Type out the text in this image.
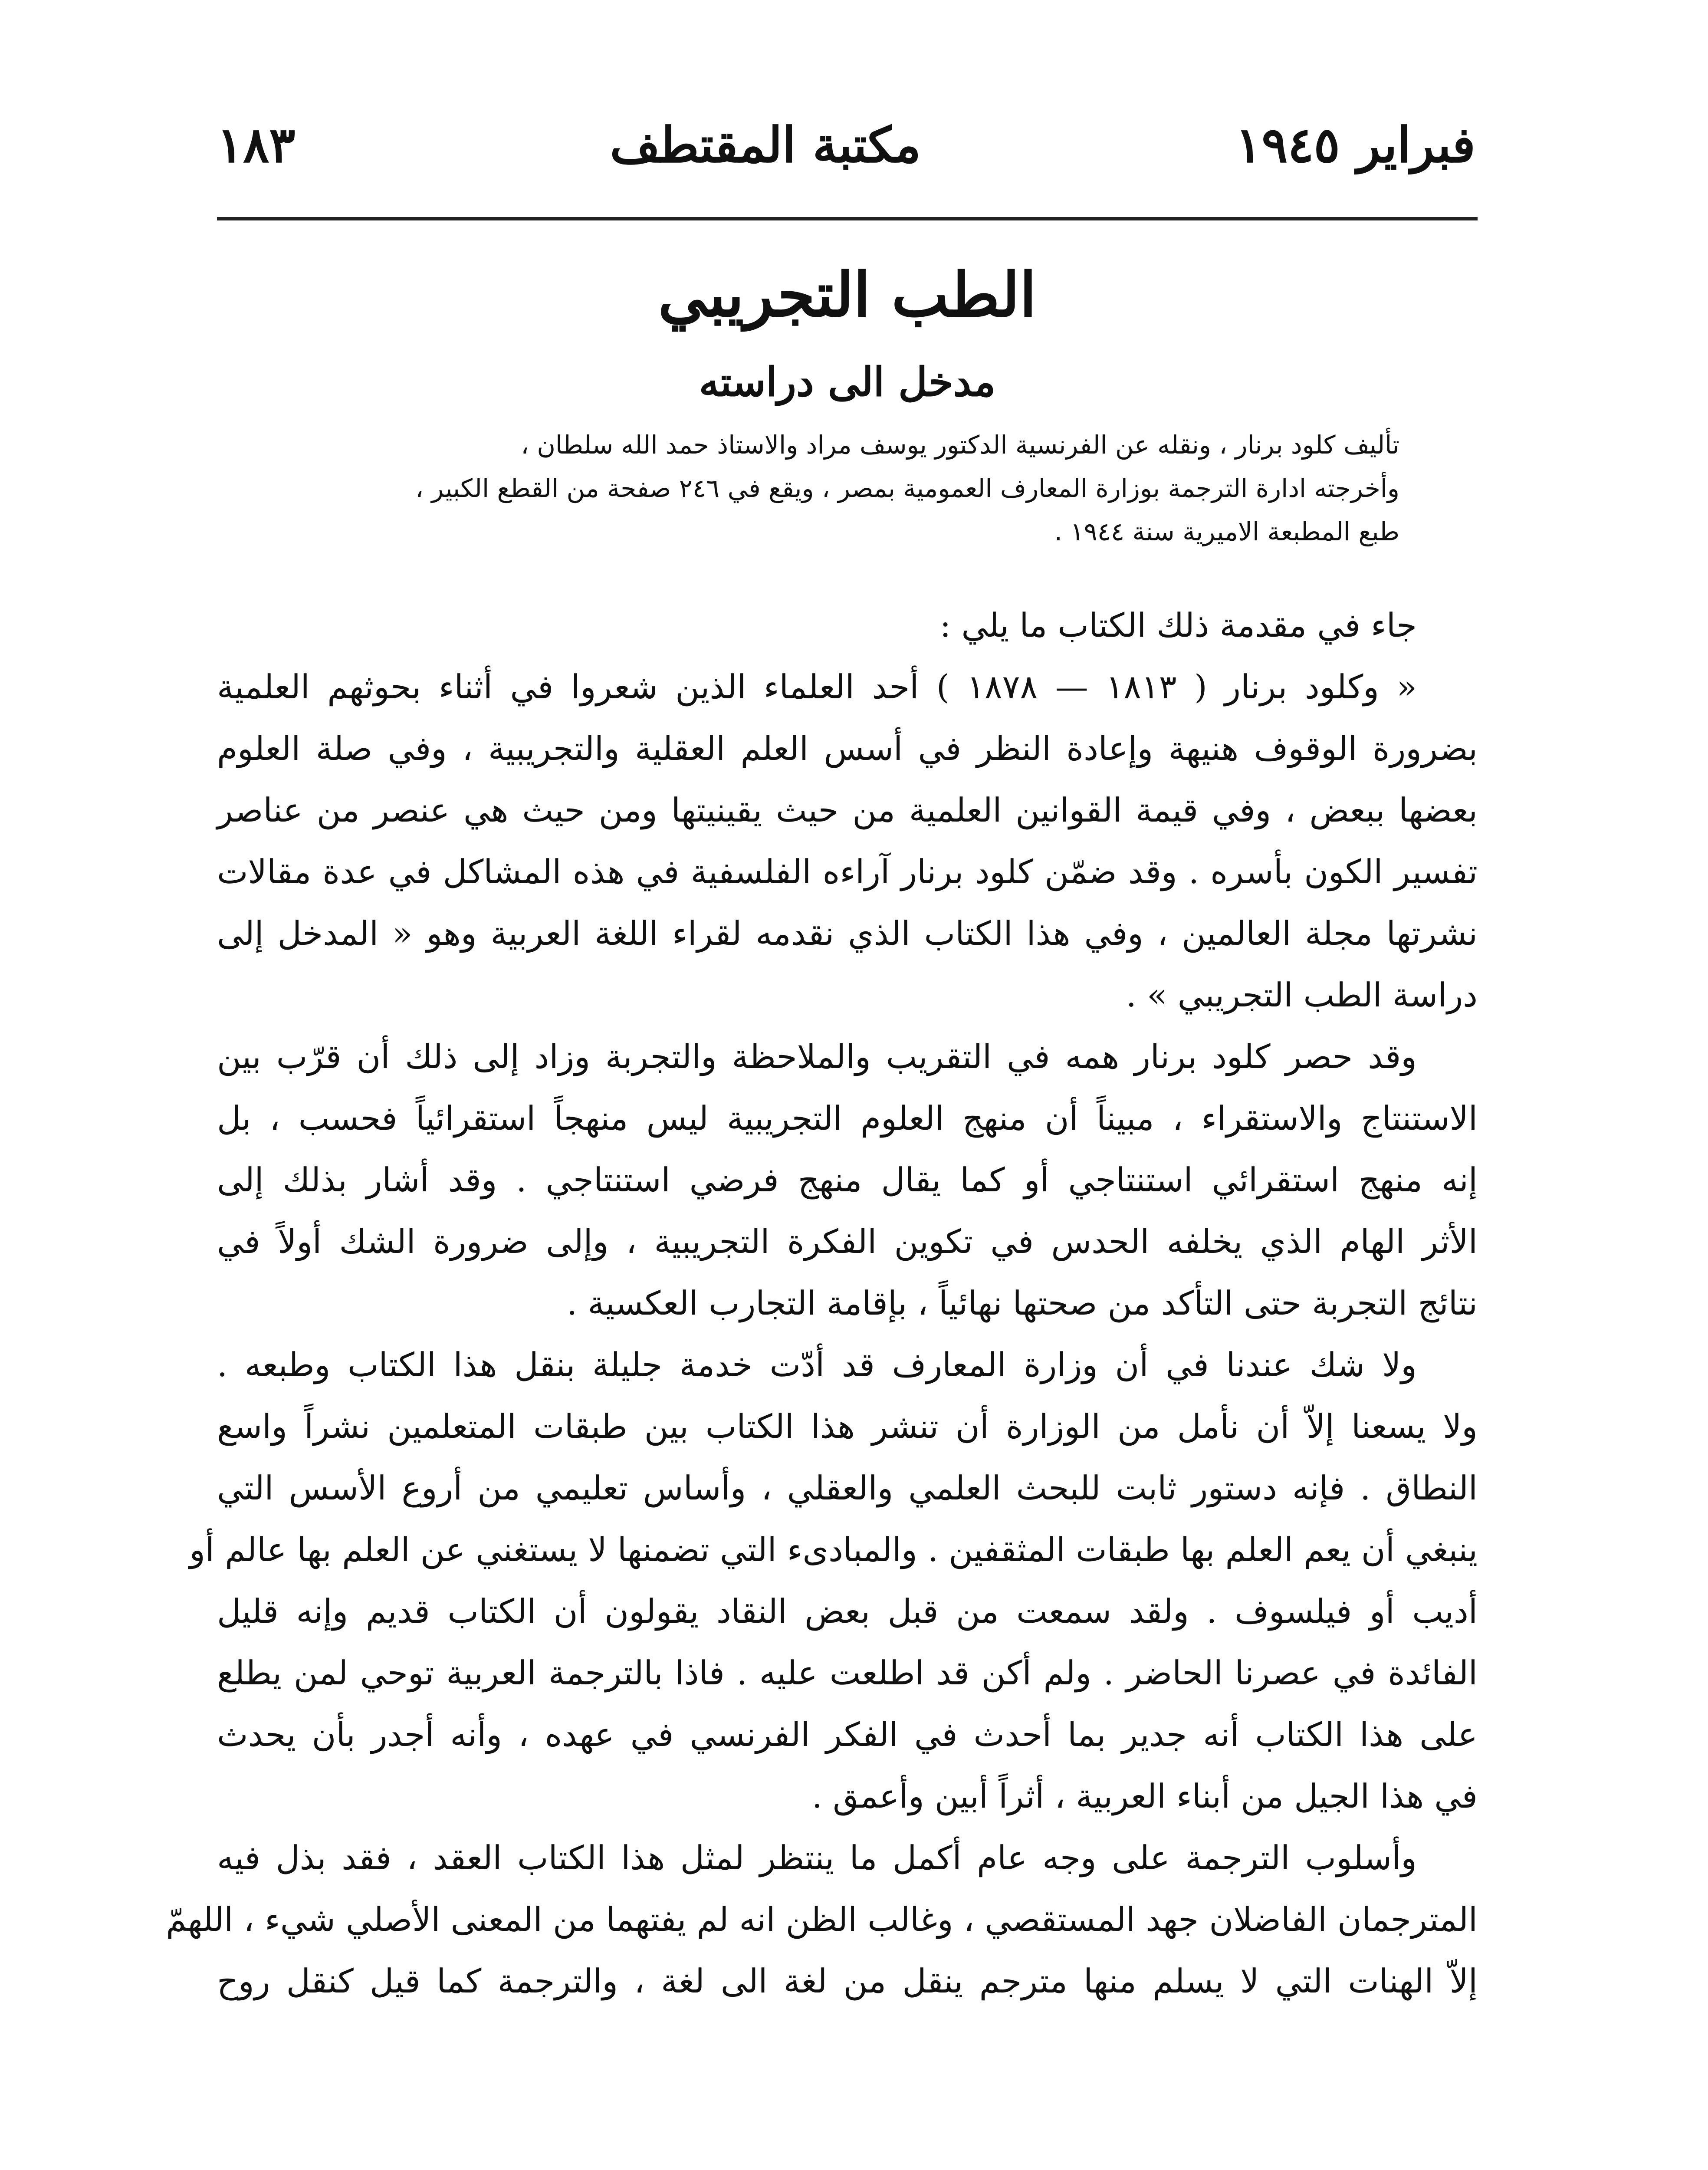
فبراير ١٩٤٥
مكتبة المقتطف
١٨٣
الطب التجريبي
مدخل الى دراسته
تأليف كلود برنار ، ونقله عن الفرنسية الدكتور يوسف مراد والاستاذ حمد الله سلطان ،
وأخرجته ادارة الترجمة بوزارة المعارف العمومية بمصر ، ويقع في ٢٤٦ صفحة من القطع الكبير ،
طبع المطبعة الاميرية سنة ١٩٤٤ .
جاء في مقدمة ذلك الكتاب ما يلي :
« وكلود برنار ( ١٨١٣ — ١٨٧٨ ) أحد العلماء الذين شعروا في أثناء بحوثهم العلمية
بضرورة الوقوف هنيهة وإعادة النظر في أسس العلم العقلية والتجريبية ، وفي صلة العلوم
بعضها ببعض ، وفي قيمة القوانين العلمية من حيث يقينيتها ومن حيث هي عنصر من عناصر
تفسير الكون بأسره . وقد ضمّن كلود برنار آراءه الفلسفية في هذه المشاكل في عدة مقالات
نشرتها مجلة العالمين ، وفي هذا الكتاب الذي نقدمه لقراء اللغة العربية وهو « المدخل إلى
دراسة الطب التجريبي » .
وقد حصر كلود برنار همه في التقريب والملاحظة والتجربة وزاد إلى ذلك أن قرّب بين
الاستنتاج والاستقراء ، مبيناً أن منهج العلوم التجريبية ليس منهجاً استقرائياً فحسب ، بل
إنه منهج استقرائي استنتاجي أو كما يقال منهج فرضي استنتاجي . وقد أشار بذلك إلى
الأثر الهام الذي يخلفه الحدس في تكوين الفكرة التجريبية ، وإلى ضرورة الشك أولاً في
نتائج التجربة حتى التأكد من صحتها نهائياً ، بإقامة التجارب العكسية .
ولا شك عندنا في أن وزارة المعارف قد أدّت خدمة جليلة بنقل هذا الكتاب وطبعه .
ولا يسعنا إلاّ أن نأمل من الوزارة أن تنشر هذا الكتاب بين طبقات المتعلمين نشراً واسع
النطاق . فإنه دستور ثابت للبحث العلمي والعقلي ، وأساس تعليمي من أروع الأسس التي
ينبغي أن يعم العلم بها طبقات المثقفين . والمبادىء التي تضمنها لا يستغني عن العلم بها عالم أو
أديب أو فيلسوف . ولقد سمعت من قبل بعض النقاد يقولون أن الكتاب قديم وإنه قليل
الفائدة في عصرنا الحاضر . ولم أكن قد اطلعت عليه . فاذا بالترجمة العربية توحي لمن يطلع
على هذا الكتاب أنه جدير بما أحدث في الفكر الفرنسي في عهده ، وأنه أجدر بأن يحدث
في هذا الجيل من أبناء العربية ، أثراً أبين وأعمق .
وأسلوب الترجمة على وجه عام أكمل ما ينتظر لمثل هذا الكتاب العقد ، فقد بذل فيه
المترجمان الفاضلان جهد المستقصي ، وغالب الظن انه لم يفتهما من المعنى الأصلي شيء ، اللهمّ
إلاّ الهنات التي لا يسلم منها مترجم ينقل من لغة الى لغة ، والترجمة كما قيل كنقل روح
